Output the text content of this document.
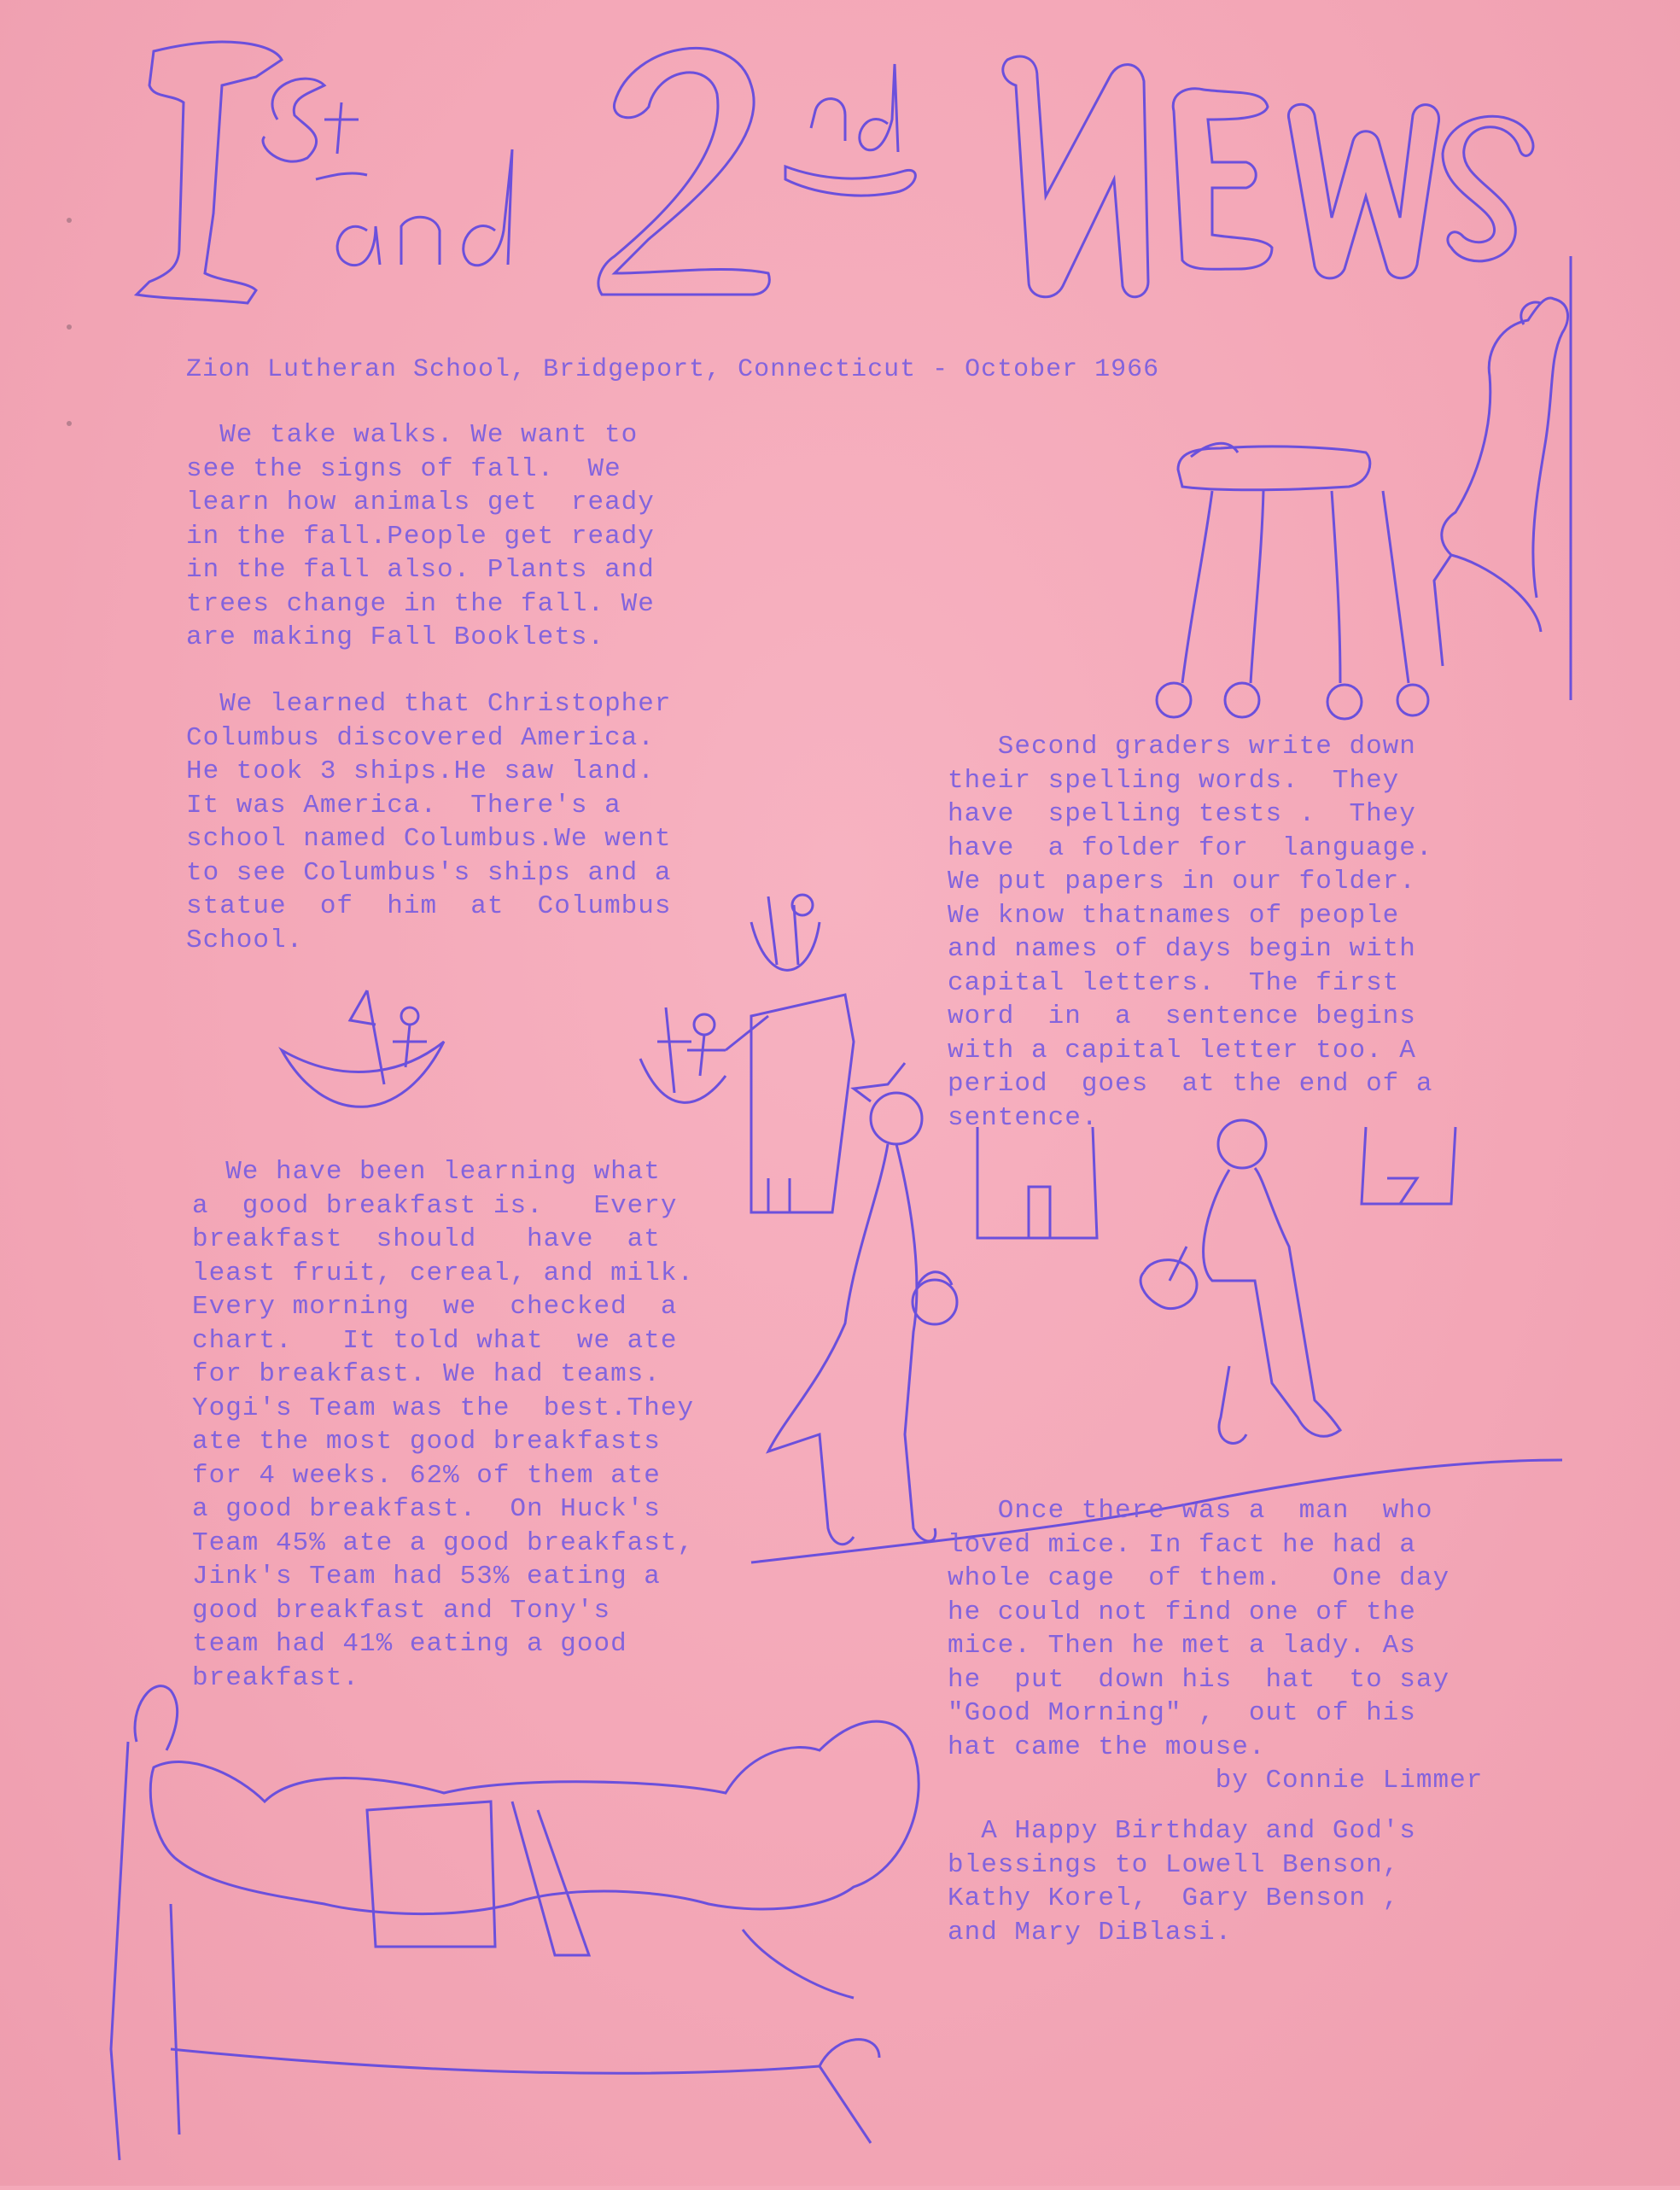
Zion Lutheran School, Bridgeport, Connecticut - October 1966
We take walks. We want to
see the signs of fall.  We
learn how animals get  ready
in the fall.People get ready
in the fall also. Plants and
trees change in the fall. We
are making Fall Booklets.
We learned that Christopher
Columbus discovered America.
He took 3 ships.He saw land.
It was America.  There's a
school named Columbus.We went
to see Columbus's ships and a
statue  of  him  at  Columbus
School.
Second graders write down
their spelling words.  They
have  spelling tests .  They
have  a folder for  language.
We put papers in our folder.
We know thatnames of people
and names of days begin with
capital letters.  The first
word  in  a  sentence begins
with a capital letter too. A
period  goes  at the end of a
sentence.
We have been learning what
a  good breakfast is.   Every
breakfast  should   have  at
least fruit, cereal, and milk.
Every morning  we  checked  a
chart.   It told what  we ate
for breakfast. We had teams.
Yogi's Team was the  best.They
ate the most good breakfasts
for 4 weeks. 62% of them ate
a good breakfast.  On Huck's
Team 45% ate a good breakfast,
Jink's Team had 53% eating a
good breakfast and Tony's
team had 41% eating a good
breakfast.
Once there was a  man  who
loved mice. In fact he had a
whole cage  of them.   One day
he could not find one of the
mice. Then he met a lady. As
he  put  down his  hat  to say
"Good Morning" ,  out of his
hat came the mouse.
by Connie Limmer
A Happy Birthday and God's
blessings to Lowell Benson,
Kathy Korel,  Gary Benson ,
and Mary DiBlasi.
